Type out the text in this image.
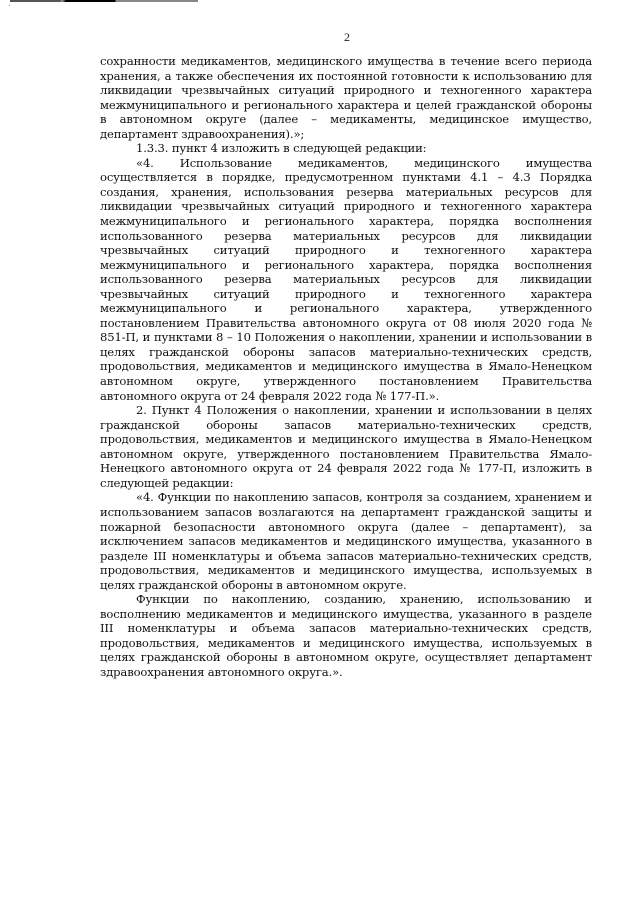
2

сохранности медикаментов, медицинского имущества в течение всего периода хранения, а также обеспечения их постоянной готовности к использованию для ликвидации чрезвычайных ситуаций природного и техногенного характера межмуниципального и регионального характера и целей гражданской обороны в автономном округе (далее – медикаменты, медицинское имущество, департамент здравоохранения).»;

1.3.3. пункт 4 изложить в следующей редакции:

«4. Использование медикаментов, медицинского имущества осуществляется в порядке, предусмотренном пунктами 4.1 – 4.3 Порядка создания, хранения, использования резерва материальных ресурсов для ликвидации чрезвычайных ситуаций природного и техногенного характера межмуниципального и регионального характера, порядка восполнения использованного резерва материальных ресурсов для ликвидации чрезвычайных ситуаций природного и техногенного характера межмуниципального и регионального характера, порядка восполнения использованного резерва материальных ресурсов для ликвидации чрезвычайных ситуаций природного и техногенного характера межмуниципального и регионального характера, утвержденного постановлением Правительства автономного округа от 08 июля 2020 года № 851-П, и пунктами 8 – 10 Положения о накоплении, хранении и использовании в целях гражданской обороны запасов материально-технических средств, продовольствия, медикаментов и медицинского имущества в Ямало-Ненецком автономном округе, утвержденного постановлением Правительства автономного округа от 24 февраля 2022 года № 177-П.».

2. Пункт 4 Положения о накоплении, хранении и использовании в целях гражданской обороны запасов материально-технических средств, продовольствия, медикаментов и медицинского имущества в Ямало-Ненецком автономном округе, утвержденного постановлением Правительства Ямало-Ненецкого автономного округа от 24 февраля 2022 года № 177-П, изложить в следующей редакции:

«4. Функции по накоплению запасов, контроля за созданием, хранением и использованием запасов возлагаются на департамент гражданской защиты и пожарной безопасности автономного округа (далее – департамент), за исключением запасов медикаментов и медицинского имущества, указанного в разделе III номенклатуры и объема запасов материально-технических средств, продовольствия, медикаментов и медицинского имущества, используемых в целях гражданской обороны в автономном округе.

Функции по накоплению, созданию, хранению, использованию и восполнению медикаментов и медицинского имущества, указанного в разделе III номенклатуры и объема запасов материально-технических средств, продовольствия, медикаментов и медицинского имущества, используемых в целях гражданской обороны в автономном округе, осуществляет департамент здравоохранения автономного округа.».
